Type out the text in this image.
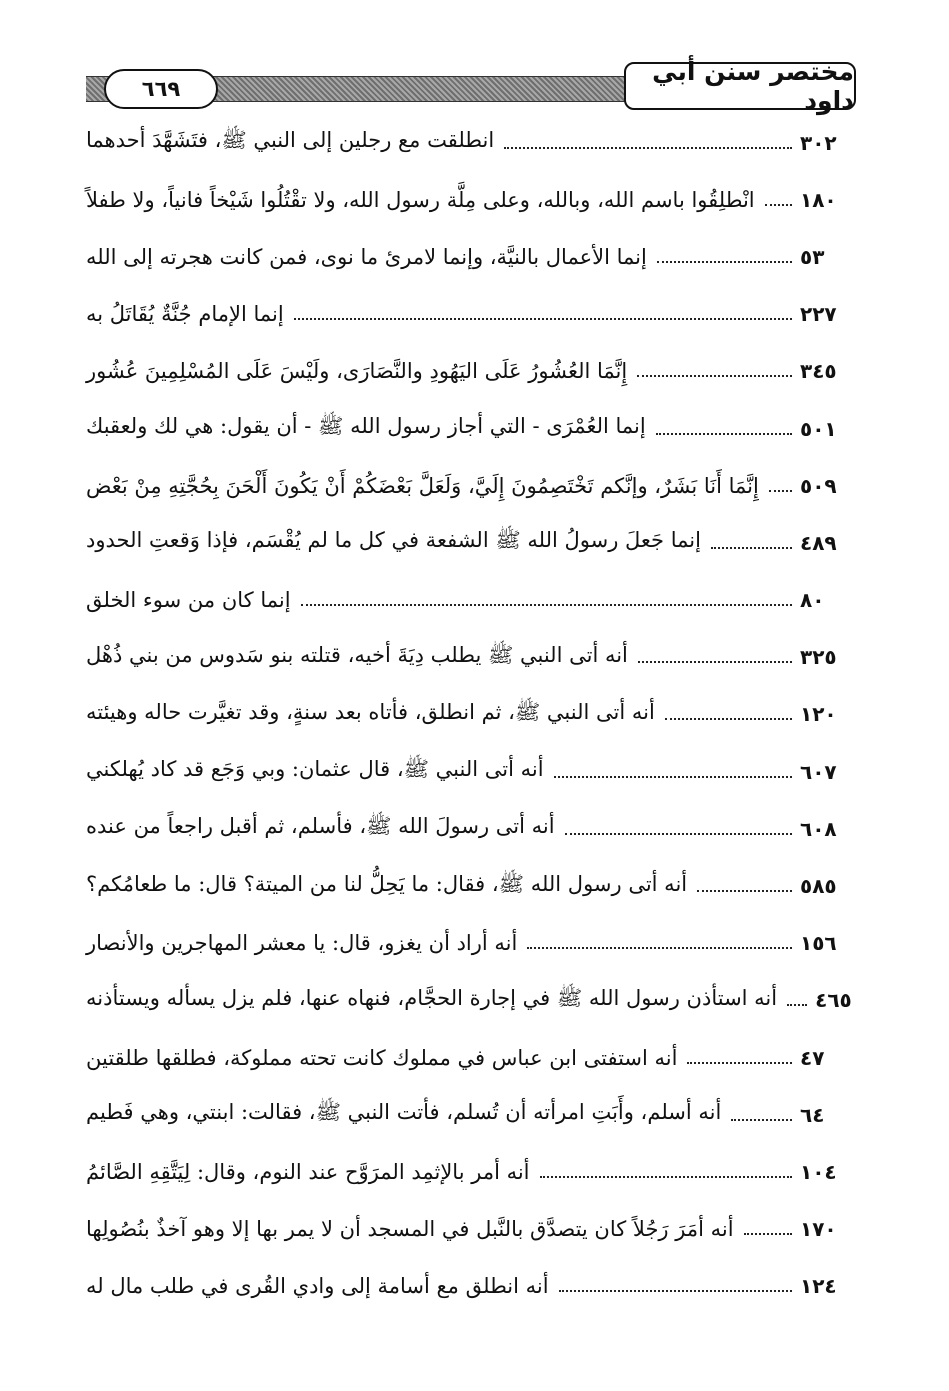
٦٦٩
مختصر سنن أبي داود
انطلقت مع رجلين إلى النبي ﷺ، فتَشَهَّدَ أحدهما	٣٠٢
انْطلِقُوا باسم الله، وبالله، وعلى مِلَّة رسول الله، ولا تقْتُلُوا شَيْخاً فانياً، ولا طفلاً ١٨٠
إنما الأعمال بالنيَّة، وإنما لامرئ ما نوى، فمن كانت هجرته إلى الله	٥٣
إنما الإمام جُنَّةٌ يُقَاتَلُ به	٢٢٧
إِنَّمَا العُشُورُ عَلَى اليَهُودِ والنَّصَارَى، ولَيْسَ عَلَى المُسْلِمِينَ عُشُور	٣٤٥
إنما العُمْرَى - التي أجاز رسول الله ﷺ - أن يقول: هي لك ولعقبك	٥٠١
إِنَّمَا أَنَا بَشَرٌ، وإنَّكم تَخْتَصِمُونَ إِلَيَّ، وَلَعَلَّ بَعْضَكُمْ أَنْ يَكُونَ أَلْحَنَ بِحُجَّتِهِ مِنْ بَعْض ٥٠٩
إنما جَعلَ رسولُ الله ﷺ الشفعة في كل ما لم يُقْسَم، فإذا وَقعتِ الحدود	٤٨٩
إنما كان من سوء الخلق	٨٠
أنه أتى النبي ﷺ يطلب دِيَةَ أخيه، قتلته بنو سَدوس من بني ذُهْل	٣٢٥
أنه أتى النبي ﷺ، ثم انطلق، فأتاه بعد سنةٍ، وقد تغيَّرت حاله وهيئته	١٢٠
أنه أتى النبي ﷺ، قال عثمان: وبي وَجَع قد كاد يُهلكني	٦٠٧
أنه أتى رسولَ الله ﷺ، فأسلم، ثم أقبل راجعاً من عنده	٦٠٨
أنه أتى رسول الله ﷺ، فقال: ما يَحِلُّ لنا من الميتة؟ قال: ما طعامُكم؟	٥٨٥
أنه أراد أن يغزو، قال: يا معشر المهاجرين والأنصار	١٥٦
أنه استأذن رسول الله ﷺ في إجارة الحجَّام، فنهاه عنها، فلم يزل يسأله ويستأذنه ٤٦٥
أنه استفتى ابن عباس في مملوك كانت تحته مملوكة، فطلقها طلقتين	٤٧
أنه أسلم، وأَبَتِ امرأته أن تُسلم، فأتت النبي ﷺ، فقالت: ابنتي، وهي فَطيم	٦٤
أنه أمر بالإثمِد المرَوَّح عند النوم، وقال: لِيَتَّقِهِ الصَّائمُ	١٠٤
أنه أمَرَ رَجُلاً كان يتصدَّق بالنَّبل في المسجد أن لا يمر بها إلا وهو آخذٌ بنُصُولِها	١٧٠
أنه انطلق مع أسامة إلى وادي القُرى في طلب مال له	١٢٤
